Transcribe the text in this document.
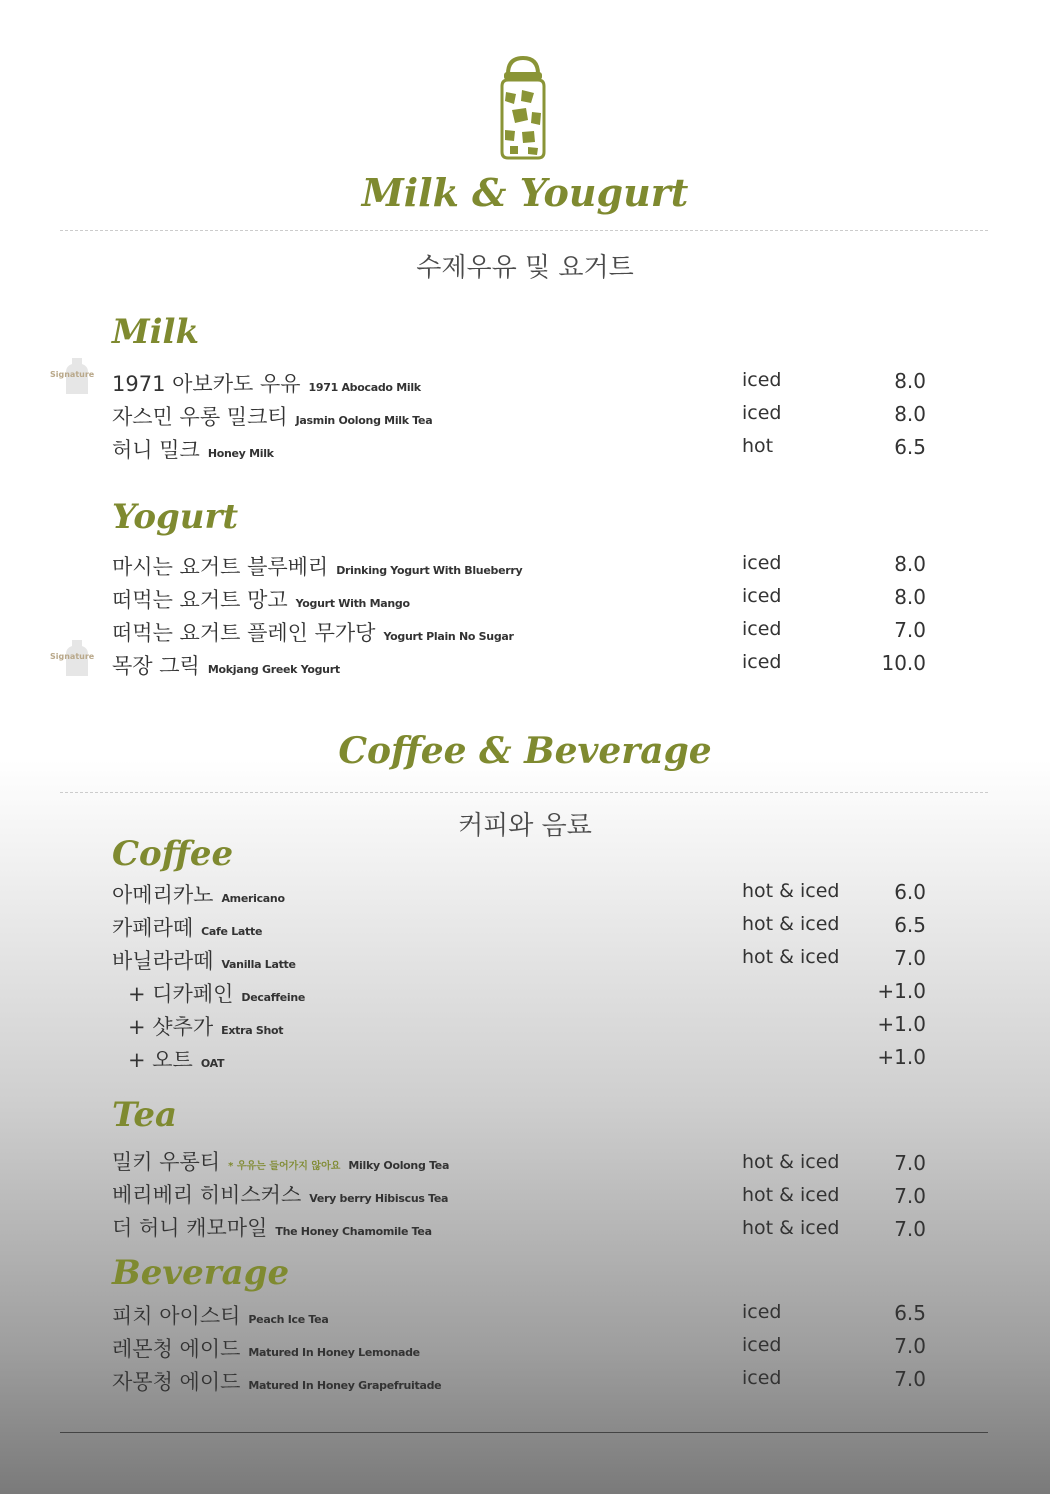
Milk & Yougurt
수제우유 및 요거트
Milk
Signature 1971 아보카도 우유 1971 Abocado Milk	iced	8.0
자스민 우롱 밀크티 Jasmin Oolong Milk Tea	iced	8.0
허니 밀크 Honey Milk	hot	6.5
Yogurt
마시는 요거트 블루베리 Drinking Yogurt With Blueberry	iced	8.0
떠먹는 요거트 망고 Yogurt With Mango	iced	8.0
떠먹는 요거트 플레인 무가당 Yogurt Plain No Sugar	iced	7.0
Signature 목장 그릭 Mokjang Greek Yogurt	iced	10.0
Coffee & Beverage
커피와 음료
Coffee
아메리카노 Americano	hot & iced	6.0
카페라떼 Cafe Latte	hot & iced	6.5
바닐라라떼 Vanilla Latte	hot & iced	7.0
+ 디카페인 Decaffeine	+1.0
+ 샷추가 Extra Shot	+1.0
+ 오트 OAT	+1.0
Tea
밀키 우롱티 * 우유는 들어가지 않아요 Milky Oolong Tea	hot & iced	7.0
베리베리 히비스커스 Very berry Hibiscus Tea	hot & iced	7.0
더 허니 캐모마일 The Honey Chamomile Tea	hot & iced	7.0
Beverage
피치 아이스티 Peach Ice Tea	iced	6.5
레몬청 에이드 Matured In Honey Lemonade	iced	7.0
자몽청 에이드 Matured In Honey Grapefruitade	iced	7.0
